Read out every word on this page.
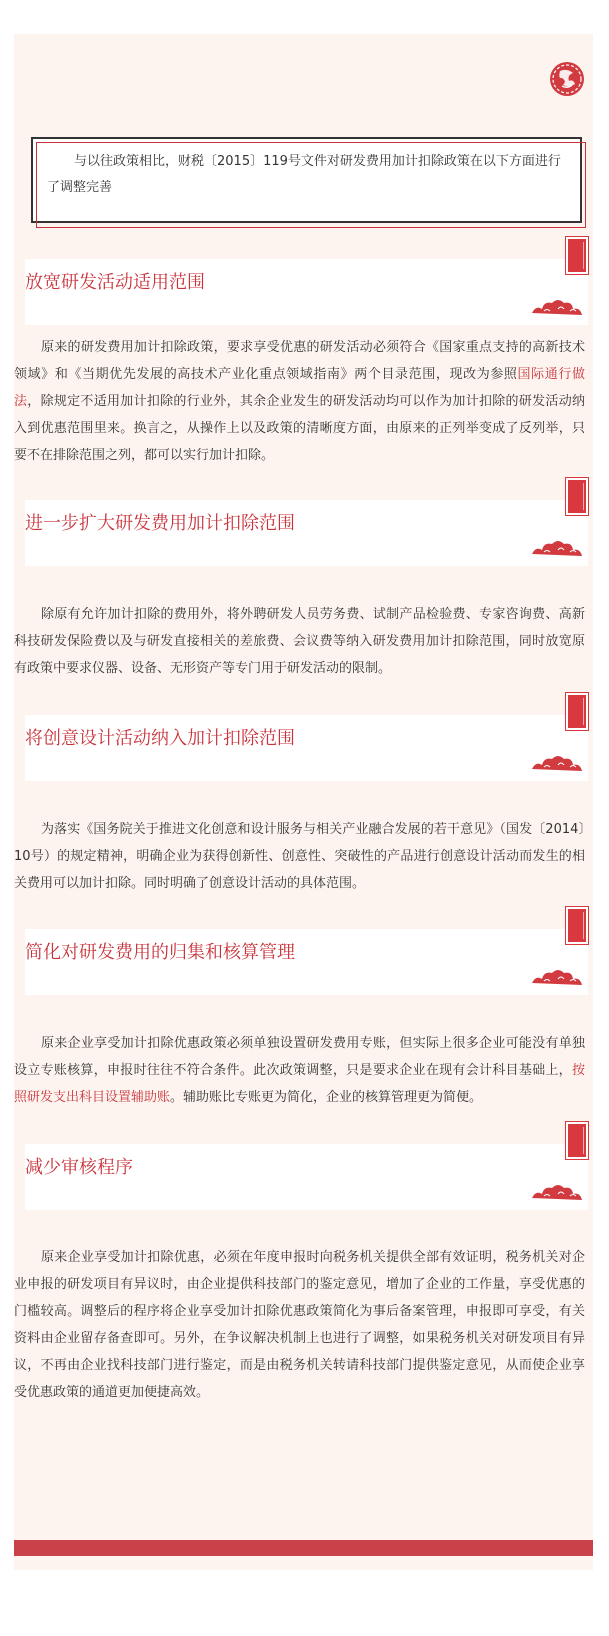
与以往政策相比，财税〔2015〕119号文件对研发费用加计扣除政策在以下方面进行了调整完善

放宽研发活动适用范围

原来的研发费用加计扣除政策，要求享受优惠的研发活动必须符合《国家重点支持的高新技术领域》和《当期优先发展的高技术产业化重点领域指南》两个目录范围，现改为参照国际通行做法，除规定不适用加计扣除的行业外，其余企业发生的研发活动均可以作为加计扣除的研发活动纳入到优惠范围里来。换言之，从操作上以及政策的清晰度方面，由原来的正列举变成了反列举，只要不在排除范围之列，都可以实行加计扣除。

进一步扩大研发费用加计扣除范围

除原有允许加计扣除的费用外，将外聘研发人员劳务费、试制产品检验费、专家咨询费、高新科技研发保险费以及与研发直接相关的差旅费、会议费等纳入研发费用加计扣除范围，同时放宽原有政策中要求仪器、设备、无形资产等专门用于研发活动的限制。

将创意设计活动纳入加计扣除范围

为落实《国务院关于推进文化创意和设计服务与相关产业融合发展的若干意见》（国发〔2014〕10号）的规定精神，明确企业为获得创新性、创意性、突破性的产品进行创意设计活动而发生的相关费用可以加计扣除。同时明确了创意设计活动的具体范围。

简化对研发费用的归集和核算管理

原来企业享受加计扣除优惠政策必须单独设置研发费用专账，但实际上很多企业可能没有单独设立专账核算，申报时往往不符合条件。此次政策调整，只是要求企业在现有会计科目基础上，按照研发支出科目设置辅助账。辅助账比专账更为简化，企业的核算管理更为简便。

减少审核程序

原来企业享受加计扣除优惠，必须在年度申报时向税务机关提供全部有效证明，税务机关对企业申报的研发项目有异议时，由企业提供科技部门的鉴定意见，增加了企业的工作量，享受优惠的门槛较高。调整后的程序将企业享受加计扣除优惠政策简化为事后备案管理，申报即可享受，有关资料由企业留存备查即可。另外，在争议解决机制上也进行了调整，如果税务机关对研发项目有异议，不再由企业找科技部门进行鉴定，而是由税务机关转请科技部门提供鉴定意见，从而使企业享受优惠政策的通道更加便捷高效。
